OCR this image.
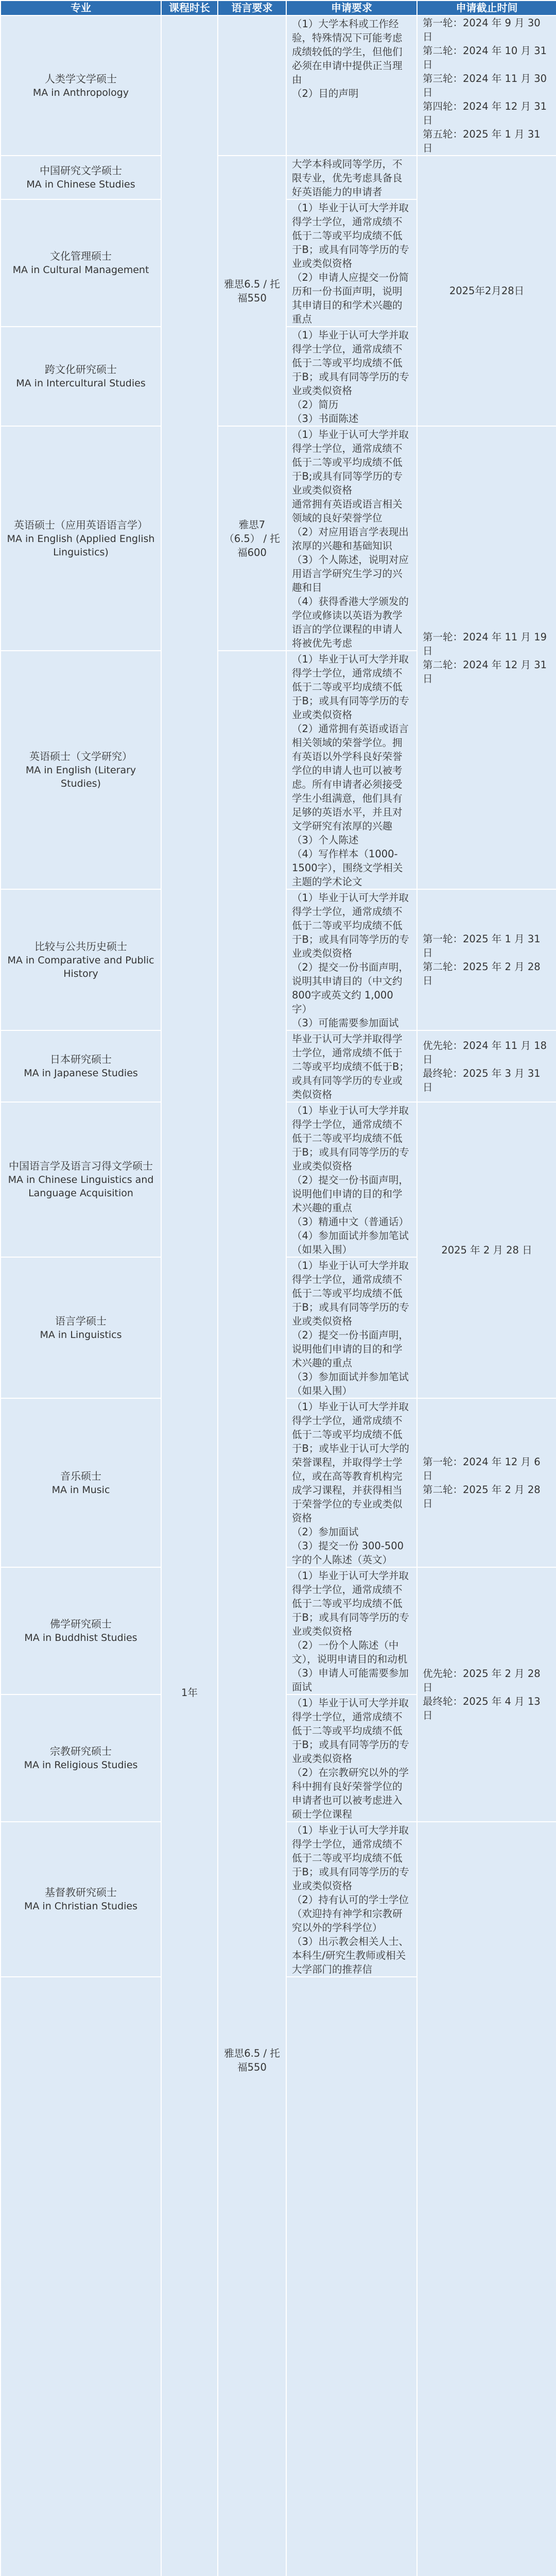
专业	课程时长	语言要求	申请要求	申请截止时间	

人类学文学硕士
MA in Anthropology	1年		（1）大学本科或工作经验，特殊情况下可能考虑成绩较低的学生，但他们必须在申请中提供正当理由
（2）目的声明	第一轮：2024 年 9 月 30 日
第二轮：2024 年 10 月 31 日
第三轮：2024 年 11 月 30 日
第四轮：2024 年 12 月 31 日
第五轮：2025 年 1 月 31 日	

中国研究文学硕士
MA in Chinese Studies		雅思6.5 / 托福550	大学本科或同等学历，不限专业，优先考虑具备良好英语能力的申请者	2025年2月28日	

文化管理硕士
MA in Cultural Management			（1）毕业于认可大学并取得学士学位，通常成绩不低于二等或平均成绩不低于B；或具有同等学历的专业或类似资格
（2）申请人应提交一份简历和一份书面声明，说明其申请目的和学术兴趣的重点		

跨文化研究硕士
MA in Intercultural Studies			（1）毕业于认可大学并取得学士学位，通常成绩不低于二等或平均成绩不低于B；或具有同等学历的专业或类似资格
（2）简历
（3）书面陈述		

英语硕士（应用英语语言学）
MA in English (Applied English Linguistics)		雅思7（6.5） / 托福600	（1）毕业于认可大学并取得学士学位，通常成绩不低于二等或平均成绩不低于B;或具有同等学历的专业或类似资格
通常拥有英语或语言相关领域的良好荣誉学位
（2）对应用语言学表现出浓厚的兴趣和基础知识
（3）个人陈述，说明对应用语言学研究生学习的兴趣和目
（4）获得香港大学颁发的学位或修读以英语为教学语言的学位课程的申请人将被优先考虑	第一轮：2024 年 11 月 19 日
第二轮：2024 年 12 月 31 日	

英语硕士（文学研究）
MA in English (Literary Studies)		雅思6.5 / 托福550	（1）毕业于认可大学并取得学士学位，通常成绩不低于二等或平均成绩不低于B；或具有同等学历的专业或类似资格
（2）通常拥有英语或语言相关领域的荣誉学位。拥有英语以外学科良好荣誉学位的申请人也可以被考虑。所有申请者必须接受学生小组满意，他们具有足够的英语水平，并且对文学研究有浓厚的兴趣
（3）个人陈述
（4）写作样本（1000-1500字），围绕文学相关主题的学术论文		

比较与公共历史硕士
MA in Comparative and Public History			（1）毕业于认可大学并取得学士学位，通常成绩不低于二等或平均成绩不低于B；或具有同等学历的专业或类似资格
（2）提交一份书面声明，说明其申请目的（中文约 800字或英文约 1,000 字）
（3）可能需要参加面试	第一轮：2025 年 1 月 31 日
第二轮：2025 年 2 月 28 日	

日本研究硕士
MA in Japanese Studies			毕业于认可大学并取得学士学位，通常成绩不低于二等或平均成绩不低于B；或具有同等学历的专业或类似资格	优先轮：2024 年 11 月 18 日
最终轮：2025 年 3 月 31 日	

中国语言学及语言习得文学硕士
MA in Chinese Linguistics and Language Acquisition			（1）毕业于认可大学并取得学士学位，通常成绩不低于二等或平均成绩不低于B；或具有同等学历的专业或类似资格
（2）提交一份书面声明，说明他们申请的目的和学术兴趣的重点
（3）精通中文（普通话）
（4）参加面试并参加笔试（如果入围）	2025 年 2 月 28 日	

语言学硕士
MA in Linguistics			（1）毕业于认可大学并取得学士学位，通常成绩不低于二等或平均成绩不低于B；或具有同等学历的专业或类似资格
（2）提交一份书面声明，说明他们申请的目的和学术兴趣的重点
（3）参加面试并参加笔试（如果入围）		

音乐硕士
MA in Music			（1）毕业于认可大学并取得学士学位，通常成绩不低于二等或平均成绩不低于B；或毕业于认可大学的荣誉课程，并取得学士学位，或在高等教育机构完成学习课程，并获得相当于荣誉学位的专业或类似资格
（2）参加面试
（3）提交一份 300-500 字的个人陈述（英文）	第一轮：2024 年 12 月 6 日
第二轮：2025 年 2 月 28 日	

佛学研究硕士
MA in Buddhist Studies			（1）毕业于认可大学并取得学士学位，通常成绩不低于二等或平均成绩不低于B；或具有同等学历的专业或类似资格
（2）一份个人陈述（中文），说明申请目的和动机
（3）申请人可能需要参加面试	优先轮：2025 年 2 月 28 日
最终轮：2025 年 4 月 13 日	

宗教研究硕士
MA in Religious Studies			（1）毕业于认可大学并取得学士学位，通常成绩不低于二等或平均成绩不低于B；或具有同等学历的专业或类似资格
（2）在宗教研究以外的学科中拥有良好荣誉学位的申请者也可以被考虑进入硕士学位课程		

基督教研究硕士
MA in Christian Studies			（1）毕业于认可大学并取得学士学位，通常成绩不低于二等或平均成绩不低于B；或具有同等学历的专业或类似资格
（2）持有认可的学士学位（欢迎持有神学和宗教研究以外的学科学位）
（3）出示教会相关人士、本科生/研究生教师或相关大学部门的推荐信
